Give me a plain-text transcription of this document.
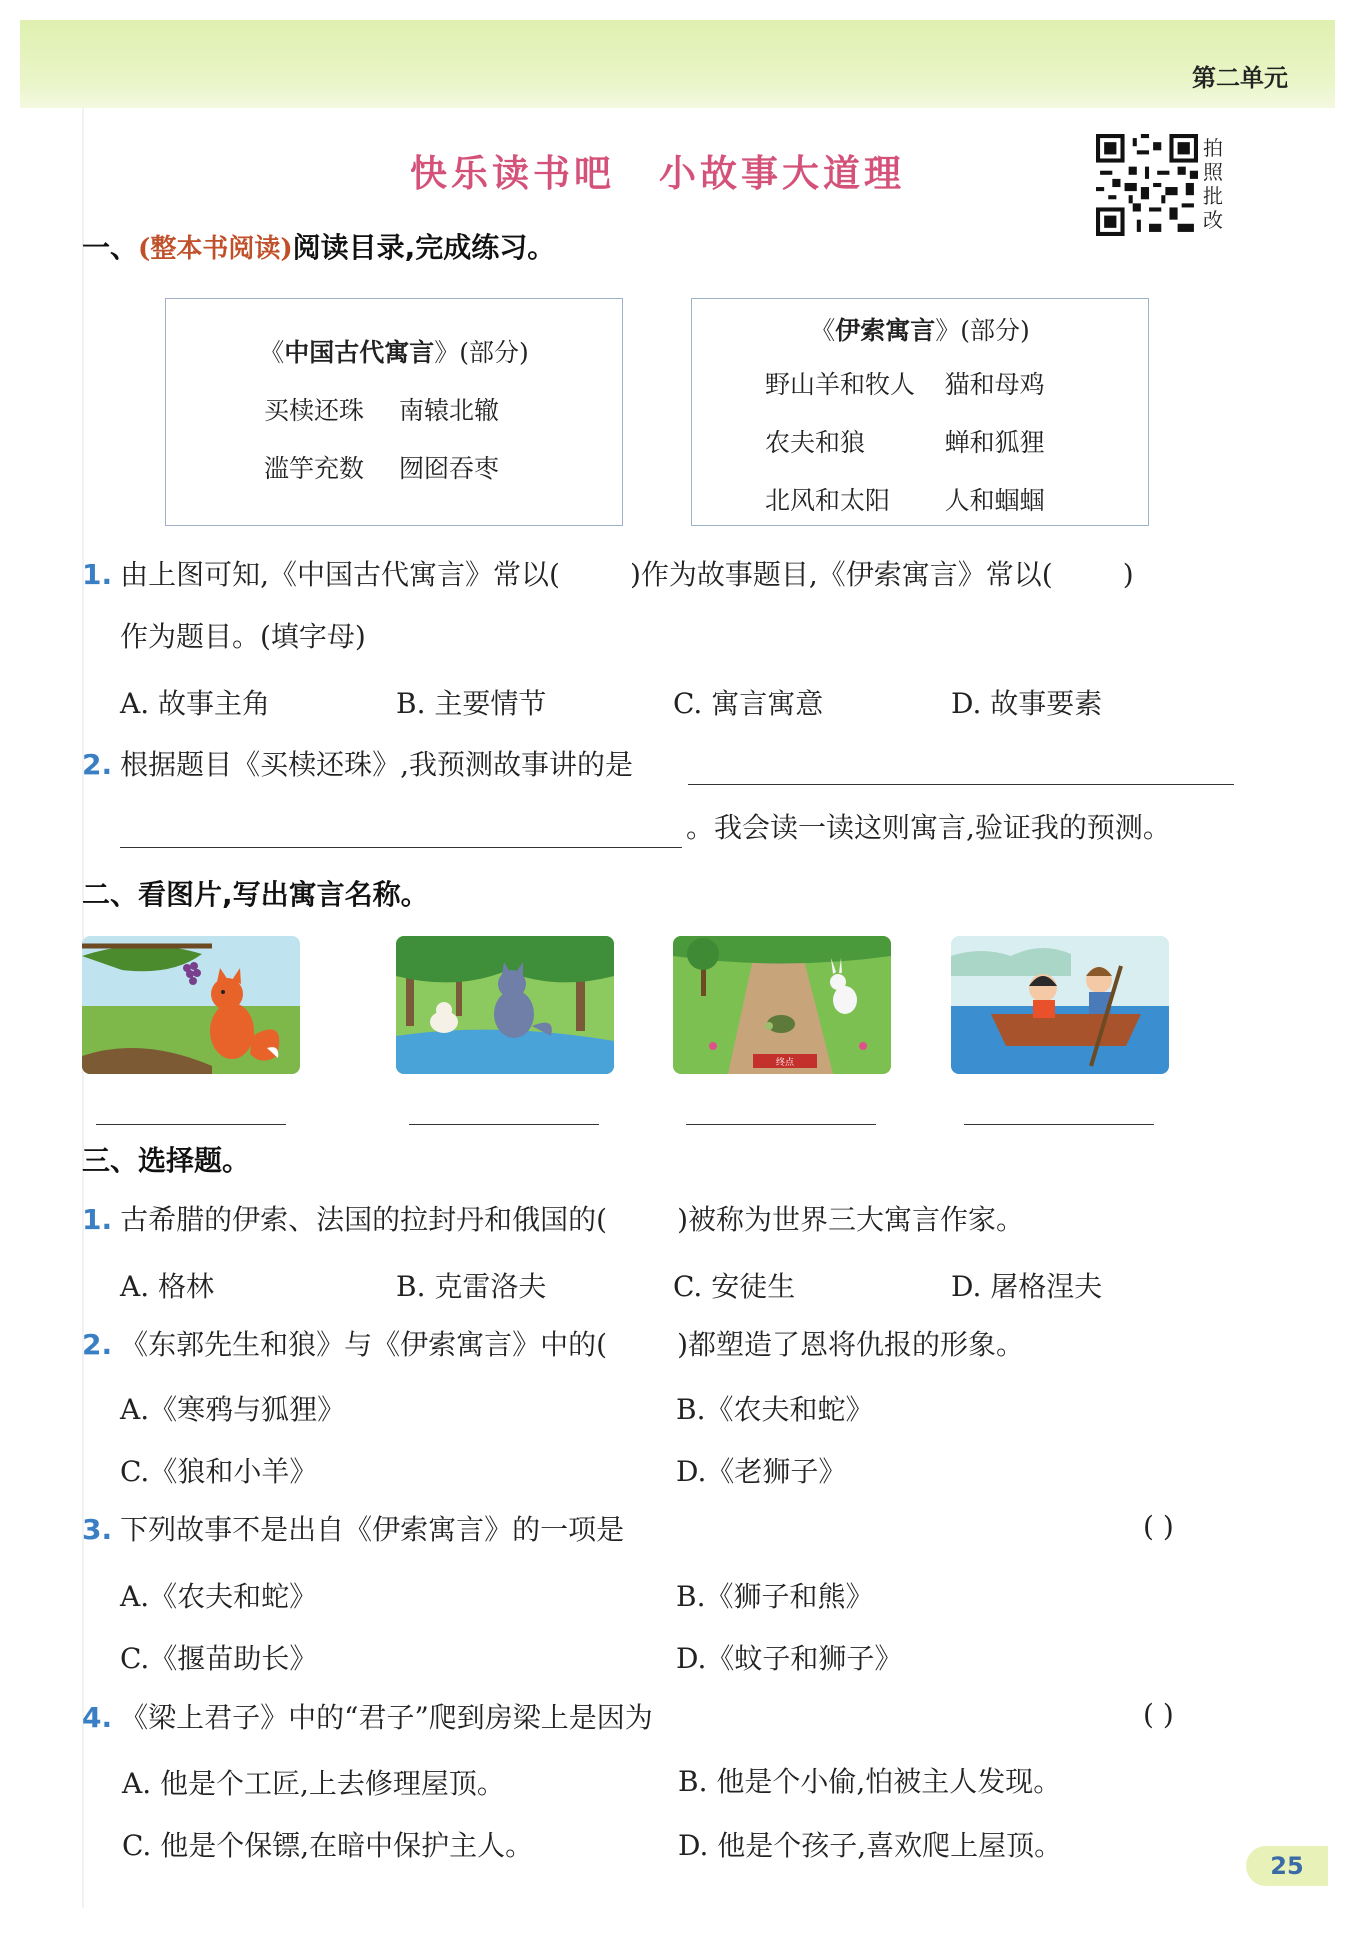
第二单元
快乐读书吧 小故事大道理
拍照批改
一、(整本书阅读)阅读目录,完成练习。
《中国古代寓言》(部分)
买椟还珠	南辕北辙
滥竽充数	囫囵吞枣
《伊索寓言》(部分)
野山羊和牧人	猫和母鸡
农夫和狼	蝉和狐狸
北风和太阳	人和蝈蝈
1. 由上图可知,《中国古代寓言》常以(	)作为故事题目,《伊索寓言》常以(	)
作为题目。(填字母)
A. 故事主角	B. 主要情节	C. 寓言寓意	D. 故事要素
2. 根据题目《买椟还珠》,我预测故事讲的是
。我会读一读这则寓言,验证我的预测。
二、看图片,写出寓言名称。
终点
三、选择题。
1. 古希腊的伊索、法国的拉封丹和俄国的(	)被称为世界三大寓言作家。
A. 格林	B. 克雷洛夫	C. 安徒生	D. 屠格涅夫
2. 《东郭先生和狼》与《伊索寓言》中的(	)都塑造了恩将仇报的形象。
A.《寒鸦与狐狸》	B.《农夫和蛇》
C.《狼和小羊》	D.《老狮子》
3. 下列故事不是出自《伊索寓言》的一项是	( )
A.《农夫和蛇》	B.《狮子和熊》
C.《揠苗助长》	D.《蚊子和狮子》
4. 《梁上君子》中的“君子”爬到房梁上是因为	( )
A. 他是个工匠,上去修理屋顶。	B. 他是个小偷,怕被主人发现。
C. 他是个保镖,在暗中保护主人。	D. 他是个孩子,喜欢爬上屋顶。
25
